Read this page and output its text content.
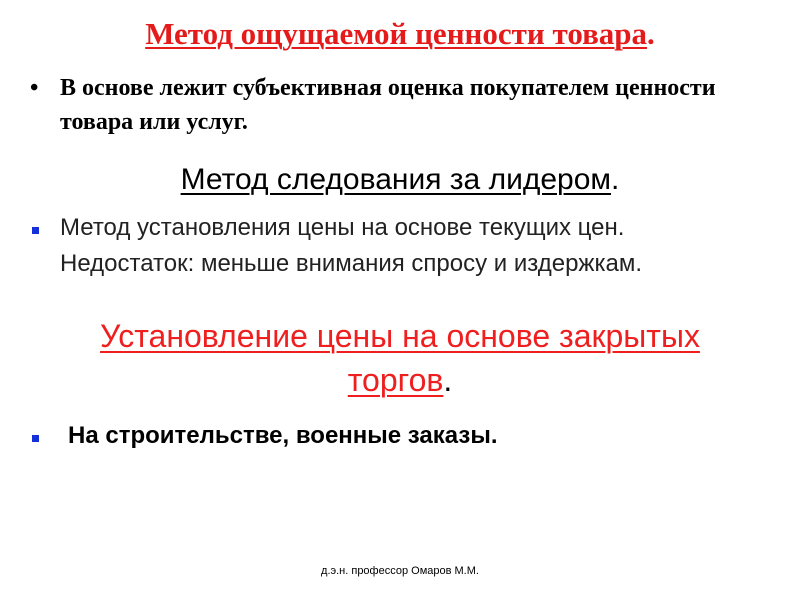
Метод ощущаемой ценности товара.
• В основе лежит субъективная оценка покупателем ценности товара или услуг.
Метод следования за лидером.
Метод установления цены на основе текущих цен. Недостаток: меньше внимания спросу и издержкам.
Установление цены на основе закрытых
торгов.
На строительстве, военные заказы.
д.э.н. профессор Омаров М.М.
